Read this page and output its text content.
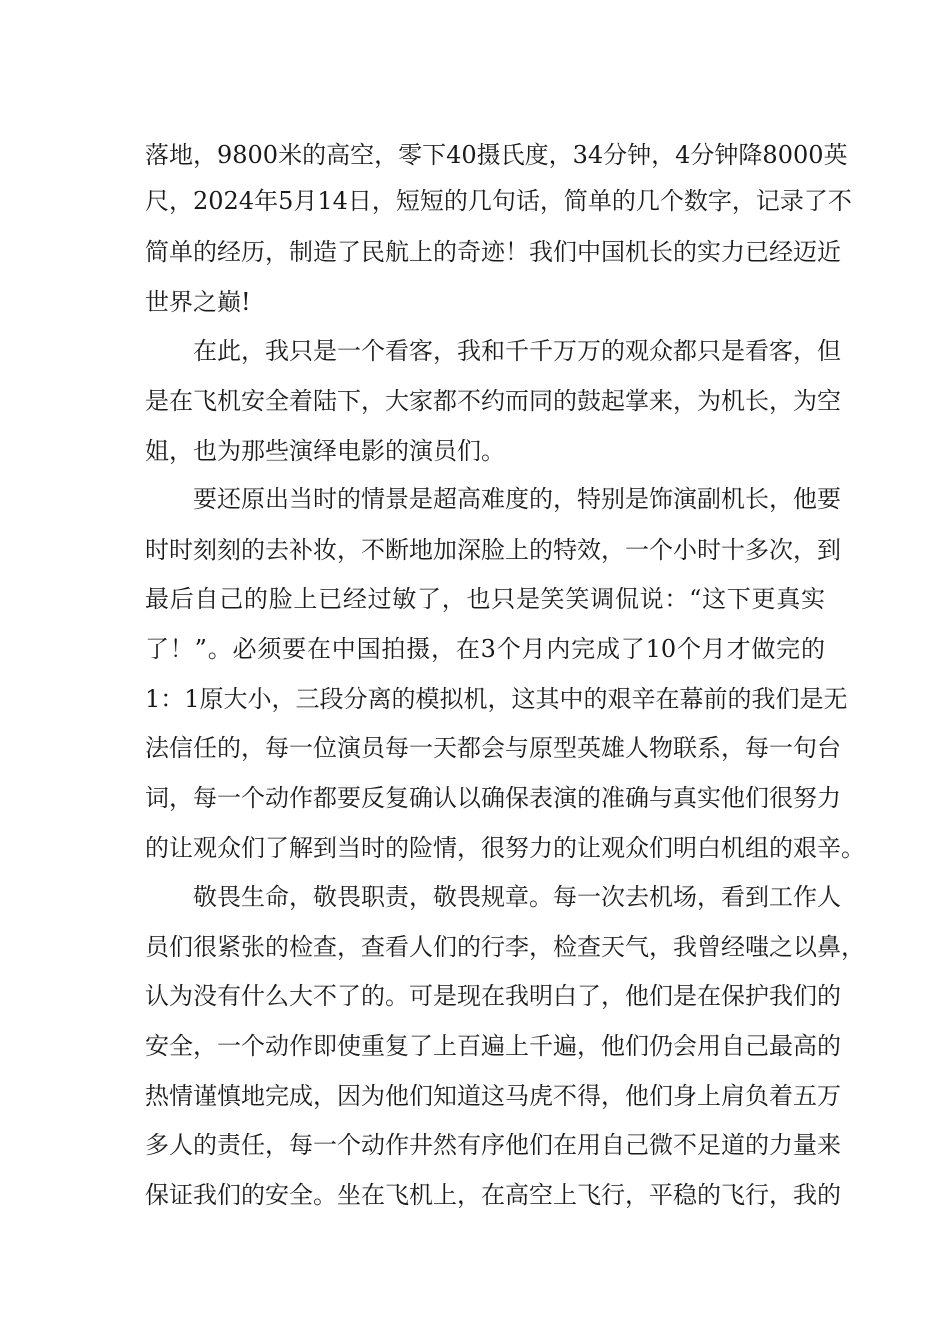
落地，9800米的高空，零下40摄氏度，34分钟，4分钟降8000英
尺，2024年5月14日，短短的几句话，简单的几个数字，记录了不
简单的经历，制造了民航上的奇迹！我们中国机长的实力已经迈近
世界之巅!
在此，我只是一个看客，我和千千万万的观众都只是看客，但
是在飞机安全着陆下，大家都不约而同的鼓起掌来，为机长，为空
姐，也为那些演绎电影的演员们。
要还原出当时的情景是超高难度的，特别是饰演副机长，他要
时时刻刻的去补妆，不断地加深脸上的特效，一个小时十多次，到
最后自己的脸上已经过敏了，也只是笑笑调侃说：“这下更真实
了！”。必须要在中国拍摄，在3个月内完成了10个月才做完的
1：1原大小，三段分离的模拟机，这其中的艰辛在幕前的我们是无
法信任的，每一位演员每一天都会与原型英雄人物联系，每一句台
词，每一个动作都要反复确认以确保表演的准确与真实他们很努力
的让观众们了解到当时的险情，很努力的让观众们明白机组的艰辛。
敬畏生命，敬畏职责，敬畏规章。每一次去机场，看到工作人
员们很紧张的检查，查看人们的行李，检查天气，我曾经嗤之以鼻，
认为没有什么大不了的。可是现在我明白了，他们是在保护我们的
安全，一个动作即使重复了上百遍上千遍，他们仍会用自己最高的
热情谨慎地完成，因为他们知道这马虎不得，他们身上肩负着五万
多人的责任，每一个动作井然有序他们在用自己微不足道的力量来
保证我们的安全。坐在飞机上，在高空上飞行，平稳的飞行，我的
